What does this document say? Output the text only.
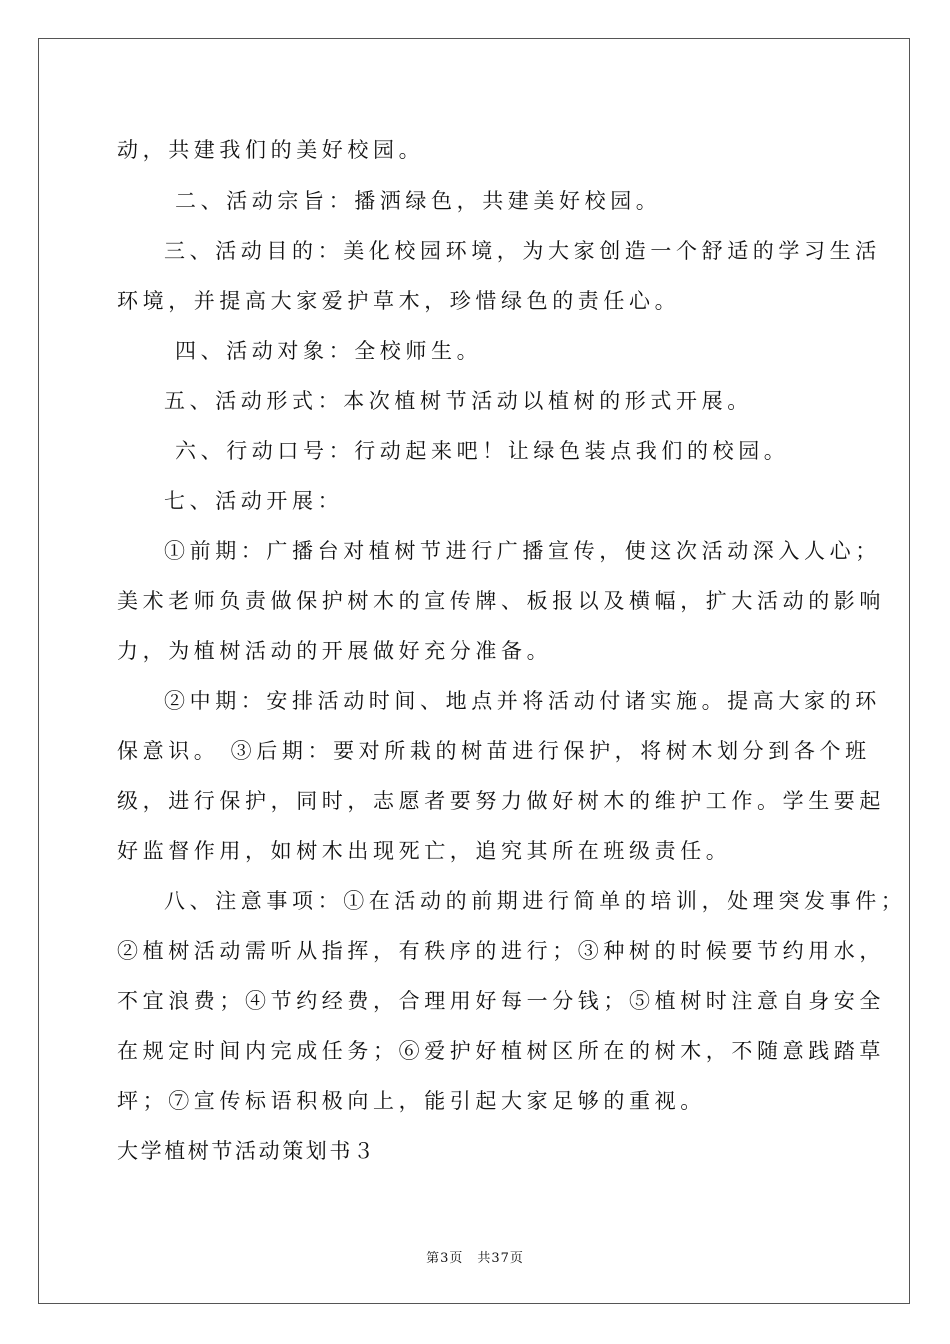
动，共建我们的美好校园。
二、活动宗旨：播洒绿色，共建美好校园。
三、活动目的：美化校园环境，为大家创造一个舒适的学习生活
环境，并提高大家爱护草木，珍惜绿色的责任心。
四、活动对象：全校师生。
五、活动形式：本次植树节活动以植树的形式开展。
六、行动口号：行动起来吧！让绿色装点我们的校园。
七、活动开展：
①前期：广播台对植树节进行广播宣传，使这次活动深入人心；
美术老师负责做保护树木的宣传牌、板报以及横幅，扩大活动的影响
力，为植树活动的开展做好充分准备。
②中期：安排活动时间、地点并将活动付诸实施。提高大家的环
保意识。 ③后期：要对所栽的树苗进行保护，将树木划分到各个班
级，进行保护，同时，志愿者要努力做好树木的维护工作。学生要起
好监督作用，如树木出现死亡，追究其所在班级责任。
八、注意事项：①在活动的前期进行简单的培训，处理突发事件；
②植树活动需听从指挥，有秩序的进行；③种树的时候要节约用水，
不宜浪费；④节约经费，合理用好每一分钱；⑤植树时注意自身安全
在规定时间内完成任务；⑥爱护好植树区所在的树木，不随意践踏草
坪；⑦宣传标语积极向上，能引起大家足够的重视。
大学植树节活动策划书３
第3页 共37页
